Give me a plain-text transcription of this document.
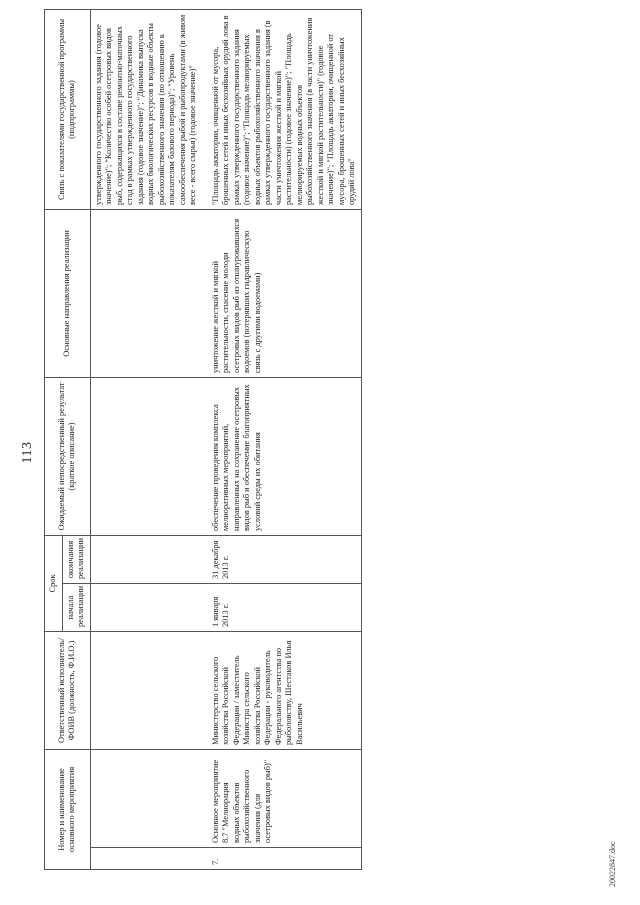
113
Номер и наименование основного мероприятия		Ответственный исполнитель/ФОИВ (должность, Ф.И.О.)	Срок		Ожидаемый непосредственный результат (краткое описание)	Основные направления реализации	Связь с показателями государственной программы (подпрограммы)
			начала реализации	окончания реализации			
							утвержденного государственного задания (годовое значение)"; "Количество особей осетровых видов рыб, содержащихся в составе ремонтно-маточных стад в рамках утвержденного государственного задания (годовое значение)"; "Динамика выпуска водных биологических ресурсов в водные объекты рыбохозяйственного значения (по отношению к показателям базового периода)"; "Уровень самообеспечения рыбой и рыбопродуктами (в живом весе - всего сырья) (годовое значение)"

7.	Основное мероприятие 8.7 "Мелиорация водных объектов рыбохозяйственного значения (для осетровых видов рыб)"	Министерство сельского хозяйства Российской Федерации / заместитель Министра сельского хозяйства Российской Федерации - руководитель Федерального агентства по рыболовству, Шестаков Илья Васильевич	1 января 2013 г.	31 декабря 2013 г.	обеспечение проведения комплекса мелиоративных мероприятий, направленных на сохранение осетровых видов рыб и обеспечение благоприятных условий среды их обитания	уничтожение жесткой и мягкой растительности, спасение молоди осетровых видов рыб из отшнуровавшихся водоемов (потерявших гидравлическую связь с другими водоемами)	"Площадь акватории, очищенной от мусора, брошенных сетей и иных бесхозяйных орудий лова в рамках утвержденного государственного задания (годовое значение)"; "Площадь мелиорируемых водных объектов рыбохозяйственного значения в рамках утвержденного государственного задания (в части уничтожения жесткой и мягкой растительности) (годовое значение)"; "Площадь мелиорируемых водных объектов рыбохозяйственного значения (в части уничтожения жесткой и мягкой растительности)" (годовое значение)"; "Площадь акватории, очищенной от мусора, брошенных сетей и иных бесхозяйных орудий лова"
20022847.doc
